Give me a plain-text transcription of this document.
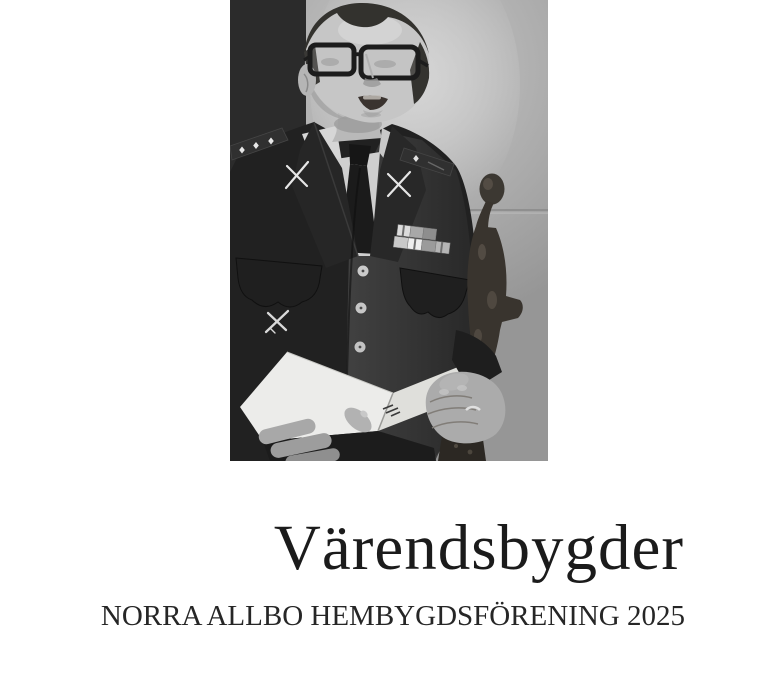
Värendsbygder
NORRA ALLBO HEMBYGDSFÖRENING 2025
